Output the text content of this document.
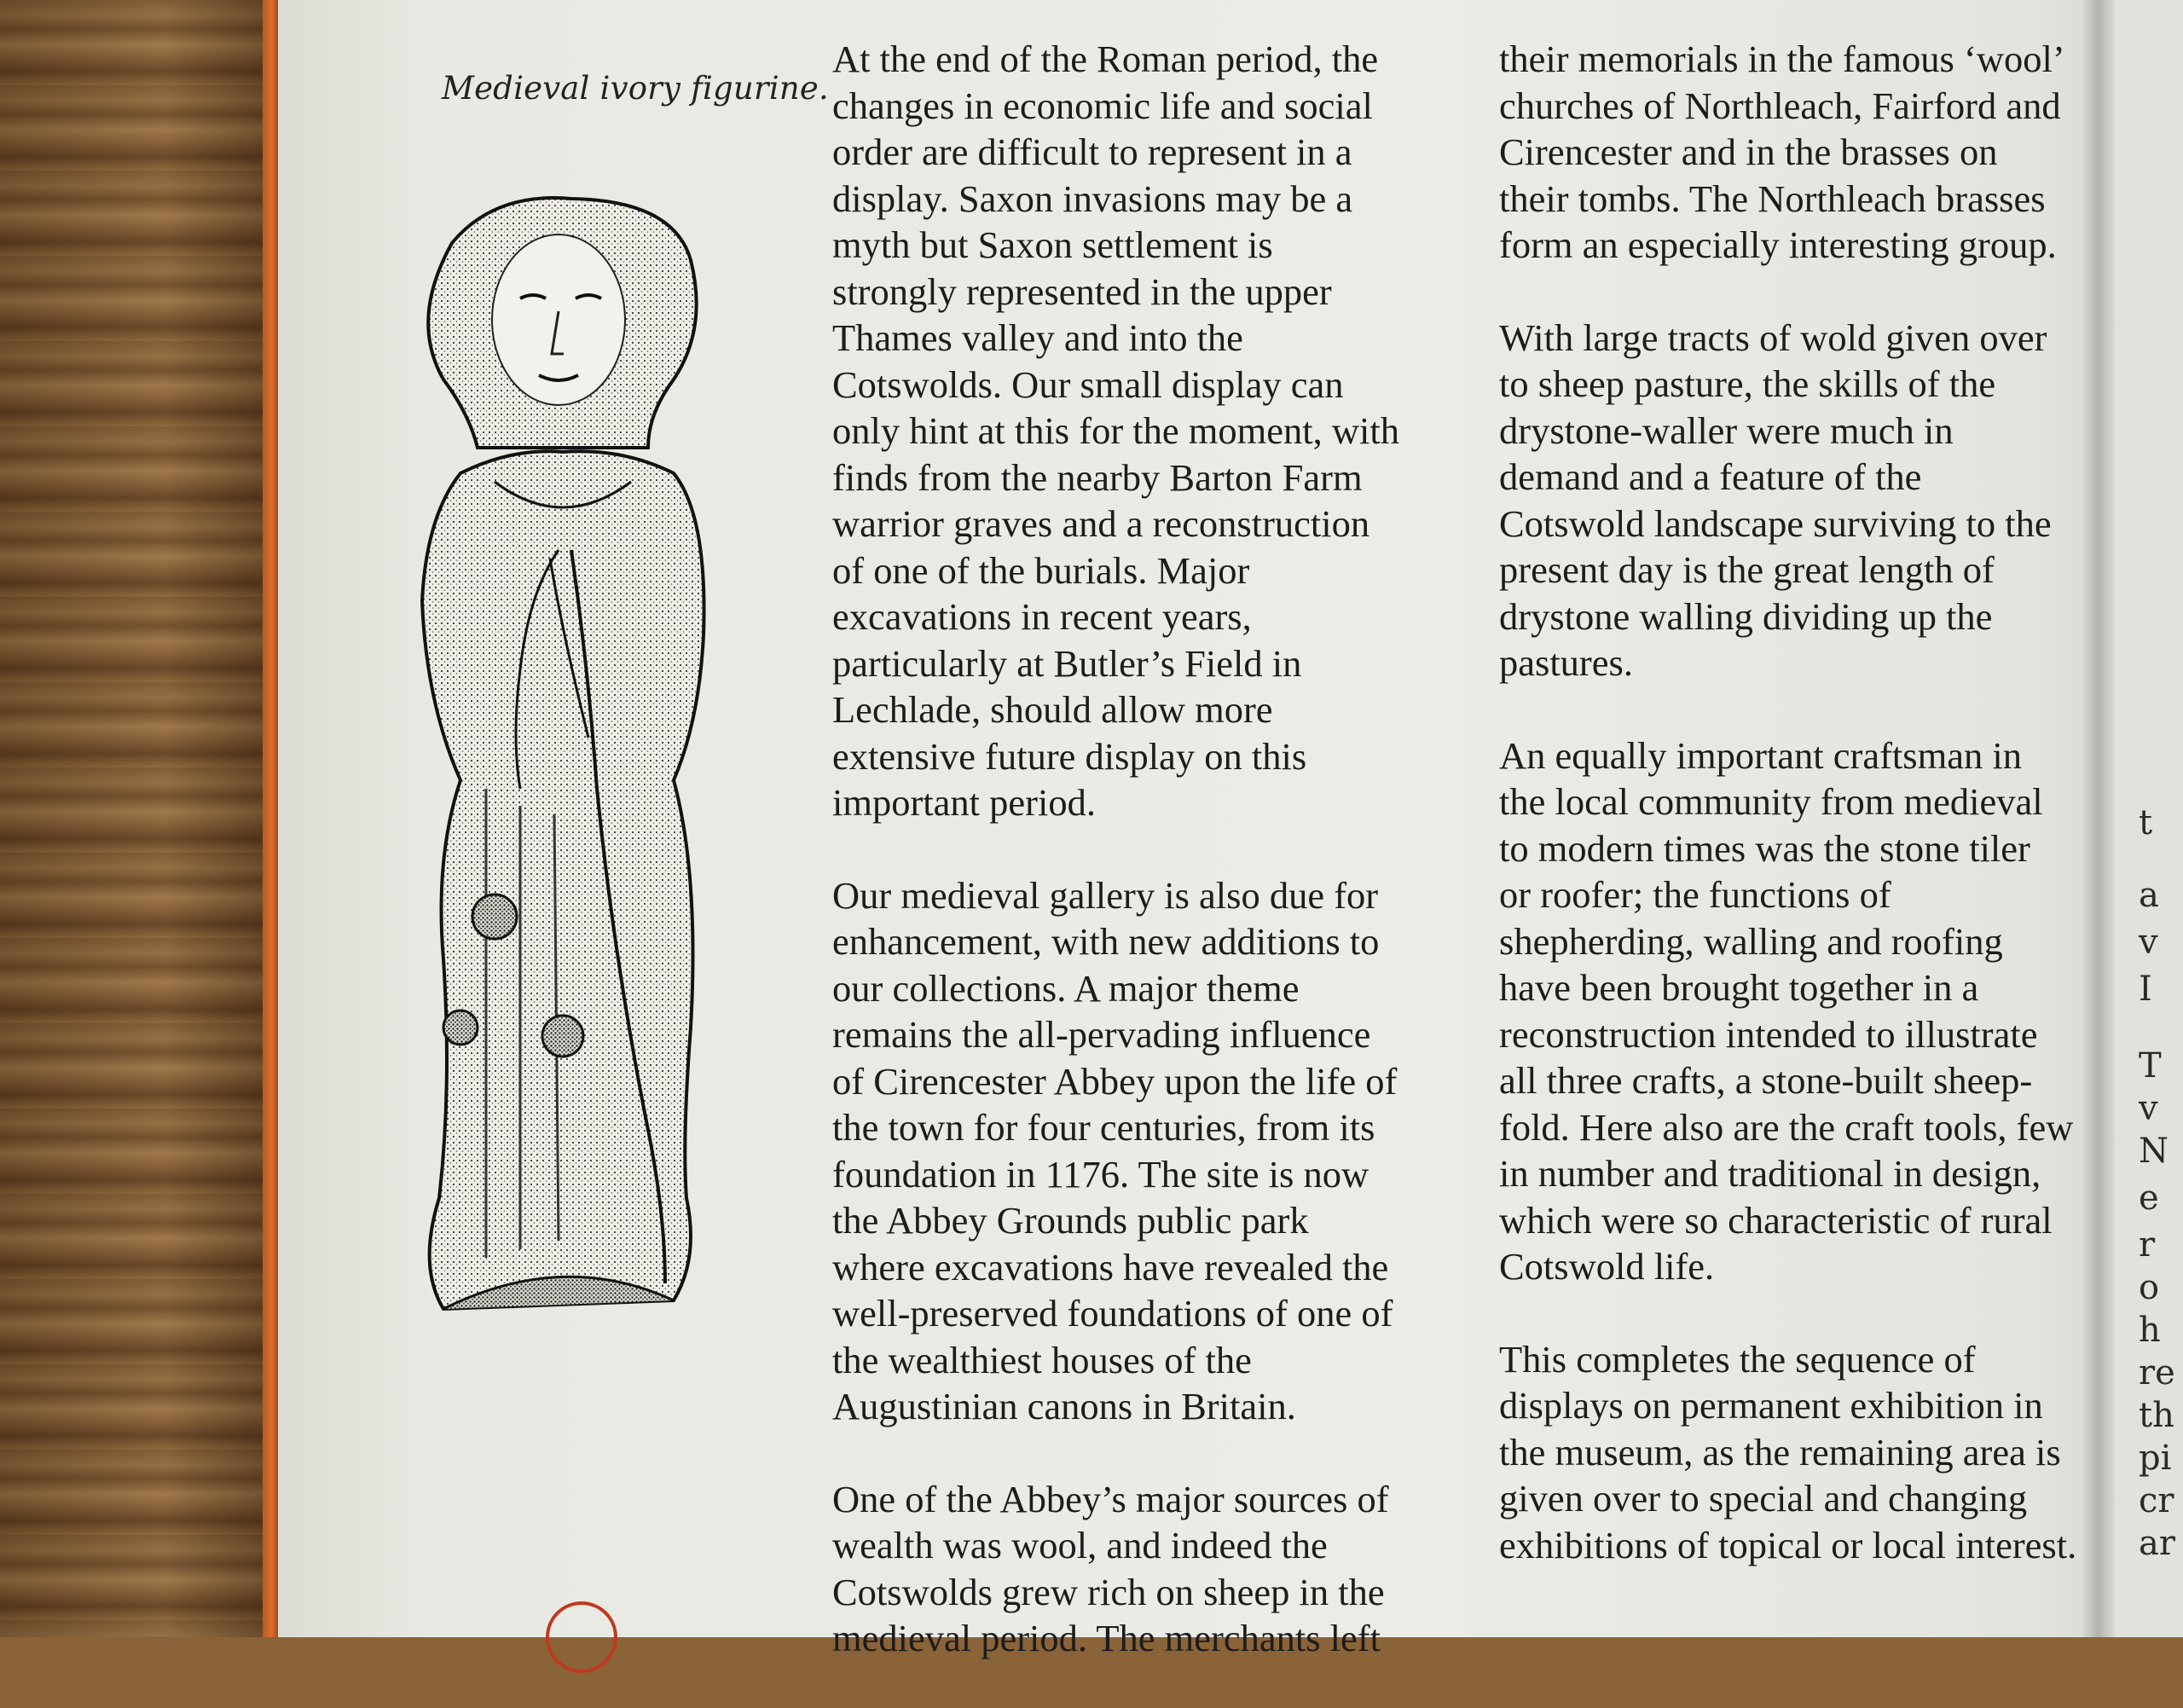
t
a
v
I
T
v
N
e
r
o
h
re
th
pi
cr
ar
Medieval ivory figurine.

At the end of the Roman period, the
changes in economic life and social
order are difficult to represent in a
display. Saxon invasions may be a
myth but Saxon settlement is
strongly represented in the upper
Thames valley and into the
Cotswolds. Our small display can
only hint at this for the moment, with
finds from the nearby Barton Farm
warrior graves and a reconstruction
of one of the burials. Major
excavations in recent years,
particularly at Butler’s Field in
Lechlade, should allow more
extensive future display on this
important period.

Our medieval gallery is also due for
enhancement, with new additions to
our collections. A major theme
remains the all-pervading influence
of Cirencester Abbey upon the life of
the town for four centuries, from its
foundation in 1176. The site is now
the Abbey Grounds public park
where excavations have revealed the
well-preserved foundations of one of
the wealthiest houses of the
Augustinian canons in Britain.

One of the Abbey’s major sources of
wealth was wool, and indeed the
Cotswolds grew rich on sheep in the
medieval period. The merchants left

their memorials in the famous ‘wool’
churches of Northleach, Fairford and
Cirencester and in the brasses on
their tombs. The Northleach brasses
form an especially interesting group.

With large tracts of wold given over
to sheep pasture, the skills of the
drystone-waller were much in
demand and a feature of the
Cotswold landscape surviving to the
present day is the great length of
drystone walling dividing up the
pastures.

An equally important craftsman in
the local community from medieval
to modern times was the stone tiler
or roofer; the functions of
shepherding, walling and roofing
have been brought together in a
reconstruction intended to illustrate
all three crafts, a stone-built sheep-
fold. Here also are the craft tools, few
in number and traditional in design,
which were so characteristic of rural
Cotswold life.

This completes the sequence of
displays on permanent exhibition in
the museum, as the remaining area is
given over to special and changing
exhibitions of topical or local interest.
